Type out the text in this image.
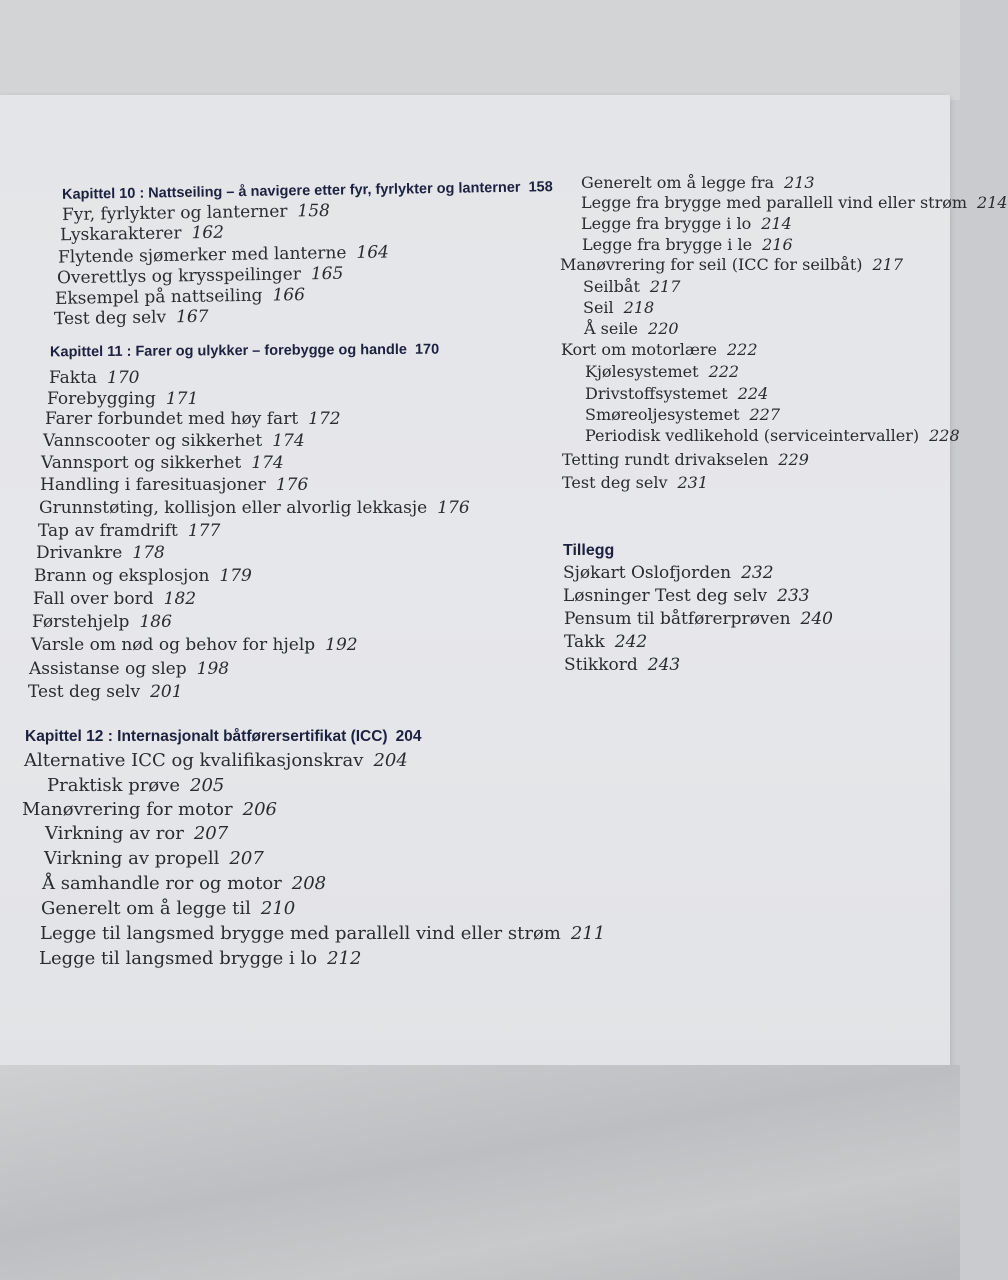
Kapittel 10 : Nattseiling – å navigere etter fyr, fyrlykter og lanterner 158
Fyr, fyrlykter og lanterner 158
Lyskarakterer 162
Flytende sjømerker med lanterne 164
Overettlys og krysspeilinger 165
Eksempel på nattseiling 166
Test deg selv 167
Kapittel 11 : Farer og ulykker – forebygge og handle 170
Fakta 170
Forebygging 171
Farer forbundet med høy fart 172
Vannscooter og sikkerhet 174
Vannsport og sikkerhet 174
Handling i faresituasjoner 176
Grunnstøting, kollisjon eller alvorlig lekkasje 176
Tap av framdrift 177
Drivankre 178
Brann og eksplosjon 179
Fall over bord 182
Førstehjelp 186
Varsle om nød og behov for hjelp 192
Assistanse og slep 198
Test deg selv 201
Kapittel 12 : Internasjonalt båtførersertifikat (ICC) 204
Alternative ICC og kvalifikasjonskrav 204
Praktisk prøve 205
Manøvrering for motor 206
Virkning av ror 207
Virkning av propell 207
Å samhandle ror og motor 208
Generelt om å legge til 210
Legge til langsmed brygge med parallell vind eller strøm 211
Legge til langsmed brygge i lo 212
Generelt om å legge fra 213
Legge fra brygge med parallell vind eller strøm 214
Legge fra brygge i lo 214
Legge fra brygge i le 216
Manøvrering for seil (ICC for seilbåt) 217
Seilbåt 217
Seil 218
Å seile 220
Kort om motorlære 222
Kjølesystemet 222
Drivstoffsystemet 224
Smøreoljesystemet 227
Periodisk vedlikehold (serviceintervaller) 228
Tetting rundt drivakselen 229
Test deg selv 231
Tillegg
Sjøkart Oslofjorden 232
Løsninger Test deg selv 233
Pensum til båtførerprøven 240
Takk 242
Stikkord 243
